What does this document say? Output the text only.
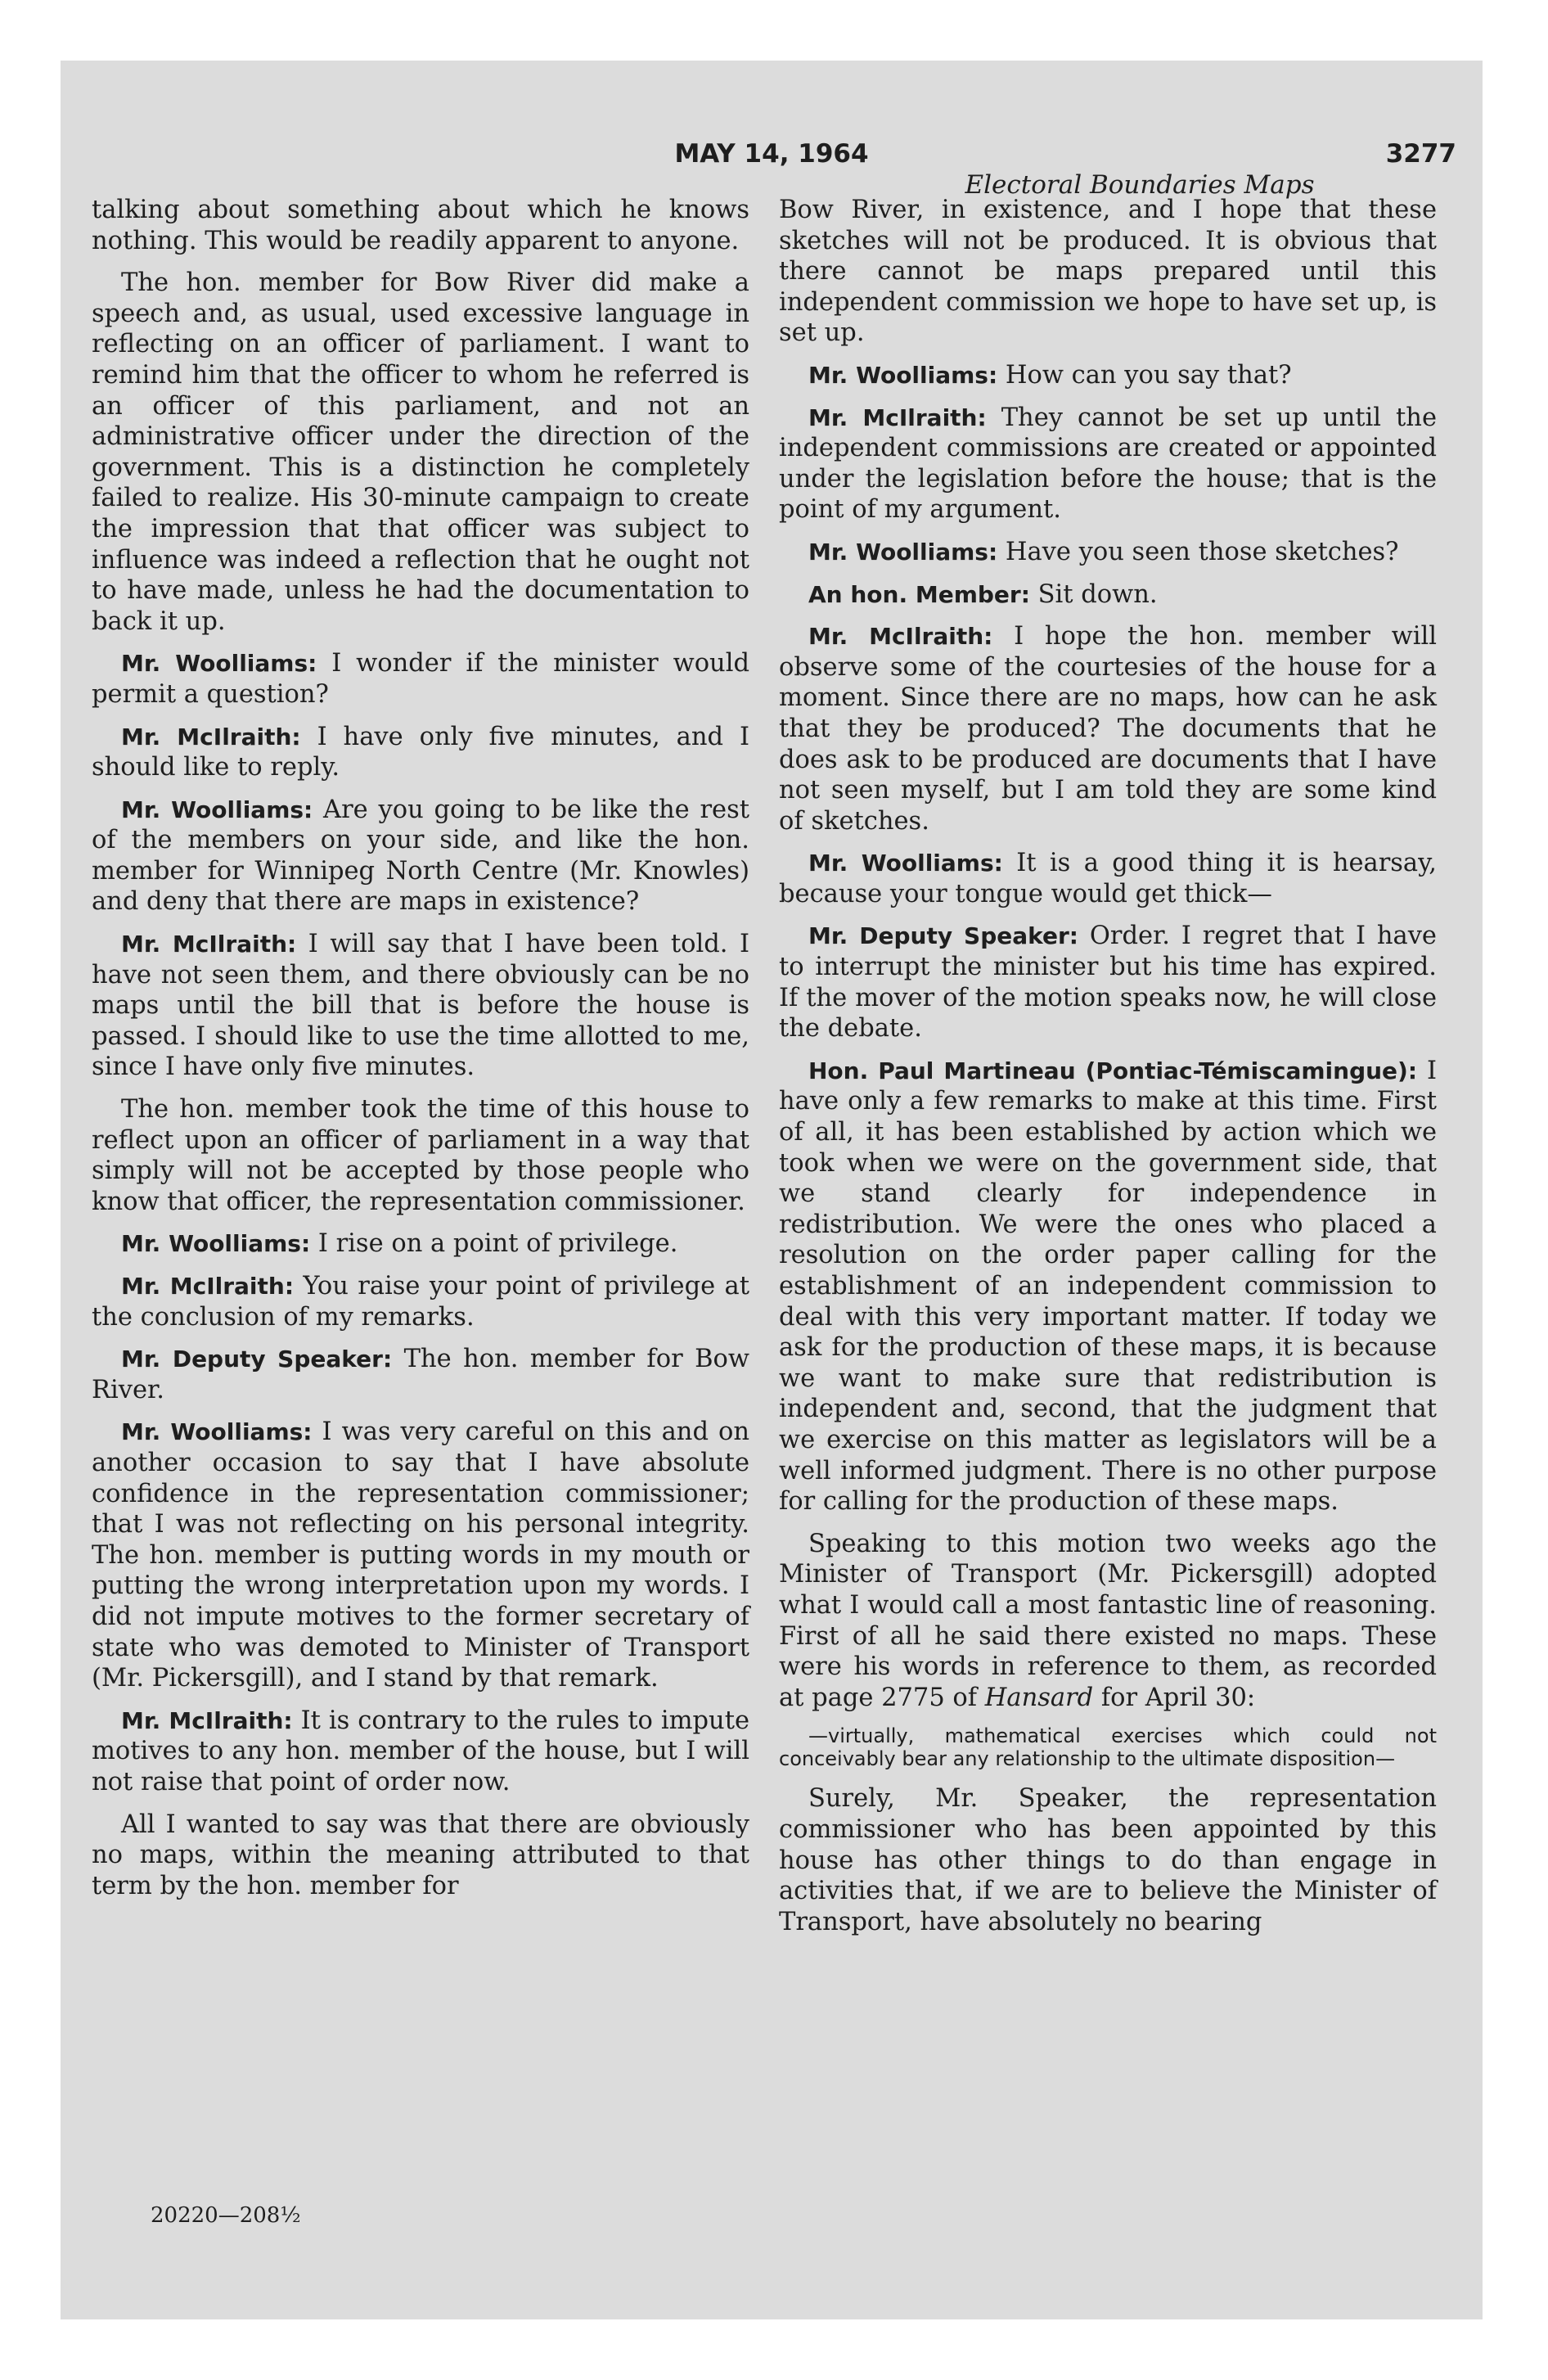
MAY 14, 1964	3277
Electoral Boundaries Maps

talking about something about which he knows nothing. This would be readily apparent to anyone.

The hon. member for Bow River did make a speech and, as usual, used excessive language in reflecting on an officer of parliament. I want to remind him that the officer to whom he referred is an officer of this parliament, and not an administrative officer under the direction of the government. This is a distinction he completely failed to realize. His 30-minute campaign to create the impression that that officer was subject to influence was indeed a reflection that he ought not to have made, unless he had the documentation to back it up.

Mr. Woolliams: I wonder if the minister would permit a question?

Mr. McIlraith: I have only five minutes, and I should like to reply.

Mr. Woolliams: Are you going to be like the rest of the members on your side, and like the hon. member for Winnipeg North Centre (Mr. Knowles) and deny that there are maps in existence?

Mr. McIlraith: I will say that I have been told. I have not seen them, and there obviously can be no maps until the bill that is before the house is passed. I should like to use the time allotted to me, since I have only five minutes.

The hon. member took the time of this house to reflect upon an officer of parliament in a way that simply will not be accepted by those people who know that officer, the representation commissioner.

Mr. Woolliams: I rise on a point of privilege.

Mr. McIlraith: You raise your point of privilege at the conclusion of my remarks.

Mr. Deputy Speaker: The hon. member for Bow River.

Mr. Woolliams: I was very careful on this and on another occasion to say that I have absolute confidence in the representation commissioner; that I was not reflecting on his personal integrity. The hon. member is putting words in my mouth or putting the wrong interpretation upon my words. I did not impute motives to the former secretary of state who was demoted to Minister of Transport (Mr. Pickersgill), and I stand by that remark.

Mr. McIlraith: It is contrary to the rules to impute motives to any hon. member of the house, but I will not raise that point of order now.

All I wanted to say was that there are obviously no maps, within the meaning attributed to that term by the hon. member for

Bow River, in existence, and I hope that these sketches will not be produced. It is obvious that there cannot be maps prepared until this independent commission we hope to have set up, is set up.

Mr. Woolliams: How can you say that?

Mr. McIlraith: They cannot be set up until the independent commissions are created or appointed under the legislation before the house; that is the point of my argument.

Mr. Woolliams: Have you seen those sketches?

An hon. Member: Sit down.

Mr. McIlraith: I hope the hon. member will observe some of the courtesies of the house for a moment. Since there are no maps, how can he ask that they be produced? The documents that he does ask to be produced are documents that I have not seen myself, but I am told they are some kind of sketches.

Mr. Woolliams: It is a good thing it is hearsay, because your tongue would get thick—

Mr. Deputy Speaker: Order. I regret that I have to interrupt the minister but his time has expired. If the mover of the motion speaks now, he will close the debate.

Hon. Paul Martineau (Pontiac-Témiscamingue): I have only a few remarks to make at this time. First of all, it has been established by action which we took when we were on the government side, that we stand clearly for independence in redistribution. We were the ones who placed a resolution on the order paper calling for the establishment of an independent commission to deal with this very important matter. If today we ask for the production of these maps, it is because we want to make sure that redistribution is independent and, second, that the judgment that we exercise on this matter as legislators will be a well informed judgment. There is no other purpose for calling for the production of these maps.

Speaking to this motion two weeks ago the Minister of Transport (Mr. Pickersgill) adopted what I would call a most fantastic line of reasoning. First of all he said there existed no maps. These were his words in reference to them, as recorded at page 2775 of Hansard for April 30:

—virtually, mathematical exercises which could not conceivably bear any relationship to the ultimate disposition—

Surely, Mr. Speaker, the representation commissioner who has been appointed by this house has other things to do than engage in activities that, if we are to believe the Minister of Transport, have absolutely no bearing

20220—208½
